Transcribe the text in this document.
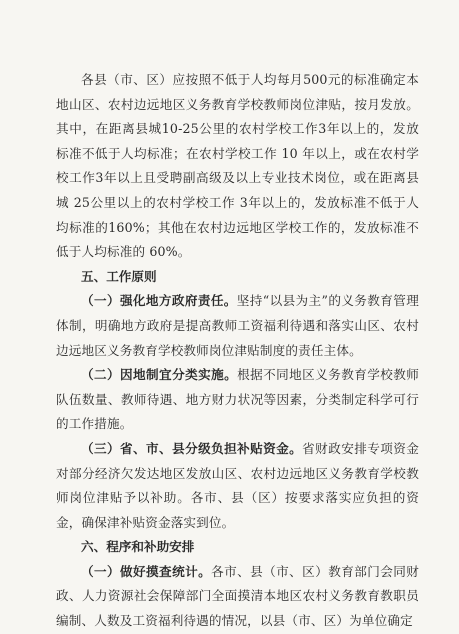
各县（市、区）应按照不低于人均每月500元的标准确定本地山区、农村边远地区义务教育学校教师岗位津贴，按月发放。其中，在距离县城10-25公里的农村学校工作3年以上的，发放标准不低于人均标准；在农村学校工作 10 年以上，或在农村学校工作3年以上且受聘副高级及以上专业技术岗位，或在距离县城 25公里以上的农村学校工作 3年以上的，发放标准不低于人均标准的160%；其他在农村边远地区学校工作的，发放标准不低于人均标准的 60%。

五、工作原则

（一）强化地方政府责任。坚持“以县为主”的义务教育管理体制，明确地方政府是提高教师工资福利待遇和落实山区、农村边远地区义务教育学校教师岗位津贴制度的责任主体。

（二）因地制宜分类实施。根据不同地区义务教育学校教师队伍数量、教师待遇、地方财力状况等因素，分类制定科学可行的工作措施。

（三）省、市、县分级负担补贴资金。省财政安排专项资金对部分经济欠发达地区发放山区、农村边远地区义务教育学校教师岗位津贴予以补助。各市、县（区）按要求落实应负担的资金，确保津补贴资金落实到位。

六、程序和补助安排

（一）做好摸查统计。各市、县（市、区）教育部门会同财政、人力资源社会保障部门全面摸清本地区农村义务教育教职员编制、人数及工资福利待遇的情况，以县（市、区）为单位确定
